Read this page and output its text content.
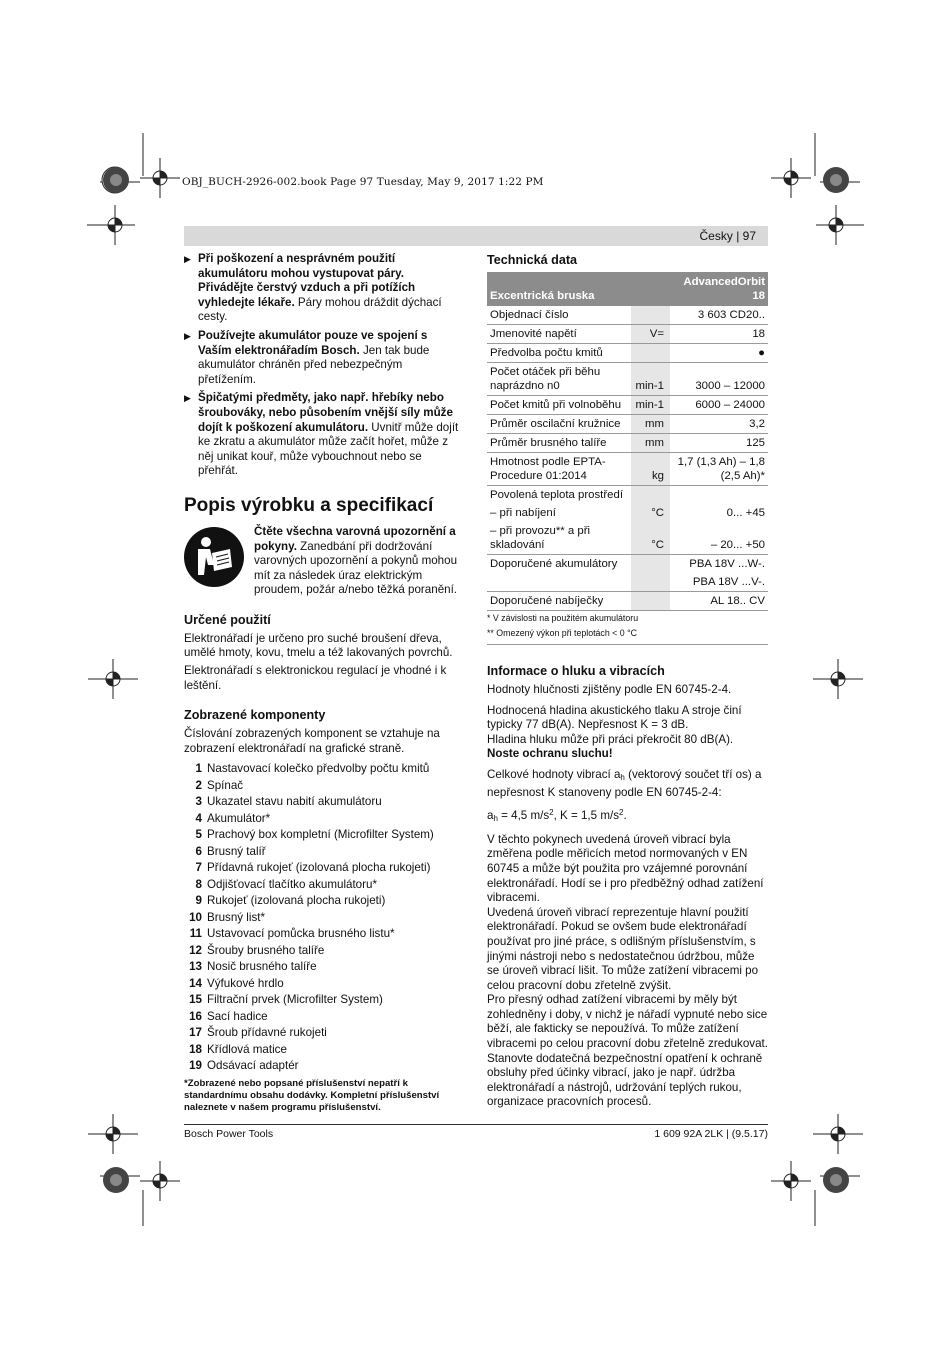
OBJ_BUCH-2926-002.book Page 97 Tuesday, May 9, 2017 1:22 PM
Česky | 97
▶ Při poškození a nesprávném použití akumulátoru mohou vystupovat páry. Přivádějte čerstvý vzduch a při potížích vyhledejte lékaře. Páry mohou dráždit dýchací cesty.
▶ Používejte akumulátor pouze ve spojení s Vaším elektronářadím Bosch. Jen tak bude akumulátor chráněn před nebezpečným přetížením.
▶ Špičatými předměty, jako např. hřebíky nebo šroubováky, nebo působením vnější síly může dojít k poškození akumulátoru. Uvnitř může dojít ke zkratu a akumulátor může začít hořet, může z něj unikat kouř, může vybouchnout nebo se přehřát.
Popis výrobku a specifikací
Čtěte všechna varovná upozornění a pokyny. Zanedbání při dodržování varovných upozornění a pokynů mohou mít za následek úraz elektrickým proudem, požár a/nebo těžká poranění.
Určené použití

Elektronářadí je určeno pro suché broušení dřeva, umělé hmoty, kovu, tmelu a též lakovaných povrchů.

Elektronářadí s elektronickou regulací je vhodné i k leštění.

Zobrazené komponenty

Číslování zobrazených komponent se vztahuje na zobrazení elektronářadí na grafické straně.

1 Nastavovací kolečko předvolby počtu kmitů
2 Spínač
3 Ukazatel stavu nabití akumulátoru
4 Akumulátor*
5 Prachový box kompletní (Microfilter System)
6 Brusný talíř
7 Přídavná rukojeť (izolovaná plocha rukojeti)
8 Odjišťovací tlačítko akumulátoru*
9 Rukojeť (izolovaná plocha rukojeti)
10 Brusný list*
11 Ustavovací pomůcka brusného listu*
12 Šrouby brusného talíře
13 Nosič brusného talíře
14 Výfukové hrdlo
15 Filtrační prvek (Microfilter System)
16 Sací hadice
17 Šroub přídavné rukojeti
18 Křídlová matice
19 Odsávací adaptér
*Zobrazené nebo popsané příslušenství nepatří k standardnímu obsahu dodávky. Kompletní příslušenství naleznete v našem programu příslušenství.
Technická data
Excentrická bruska		AdvancedOrbit 18
Objednací číslo		3 603 CD20..
Jmenovité napětí	V=	18
Předvolba počtu kmitů		●
Počet otáček při běhu naprázdno n0	min-1	3000 – 12000
Počet kmitů při volnoběhu	min-1	6000 – 24000
Průměr oscilační kružnice	mm	3,2
Průměr brusného talíře	mm	125
Hmotnost podle EPTA-Procedure 01:2014	kg	1,7 (1,3 Ah) – 1,8 (2,5 Ah)*
Povolená teplota prostředí		
– při nabíjení	°C	0... +45
– při provozu** a při skladování	°C	– 20... +50
Doporučené akumulátory		PBA 18V ...W-.
		PBA 18V ...V-.
Doporučené nabíječky		AL 18.. CV
* V závislosti na použitém akumulátoru
** Omezený výkon při teplotách < 0 °C
Informace o hluku a vibracích

Hodnoty hlučnosti zjištěny podle EN 60745-2-4.

Hodnocená hladina akustického tlaku A stroje činí typicky 77 dB(A). Nepřesnost K = 3 dB.

Hladina hluku může při práci překročit 80 dB(A).

Noste ochranu sluchu!

Celkové hodnoty vibrací $a_h$ (vektorový součet tří os) a nepřesnost K stanoveny podle EN 60745-2-4:

$a_h = 4,5$ $m/s^2$, K = 1,5 $m/s^2$.

V těchto pokynech uvedená úroveň vibrací byla změřena podle měřicích metod normovaných v EN 60745 a může být použita pro vzájemné porovnání elektronářadí. Hodí se i pro předběžný odhad zatížení vibracemi.

Uvedená úroveň vibrací reprezentuje hlavní použití elektronářadí. Pokud se ovšem bude elektronářadí používat pro jiné práce, s odlišným příslušenstvím, s jinými nástroji nebo s nedostatečnou údržbou, může se úroveň vibrací lišit. To může zatížení vibracemi po celou pracovní dobu zřetelně zvýšit.

Pro přesný odhad zatížení vibracemi by měly být zohledněny i doby, v nichž je nářadí vypnuté nebo sice běží, ale fakticky se nepoužívá. To může zatížení vibracemi po celou pracovní dobu zřetelně zredukovat.

Stanovte dodatečná bezpečnostní opatření k ochraně obsluhy před účinky vibrací, jako je např. údržba elektronářadí a nástrojů, udržování teplých rukou, organizace pracovních procesů.

Bosch Power Tools	1 609 92A 2LK | (9.5.17)
